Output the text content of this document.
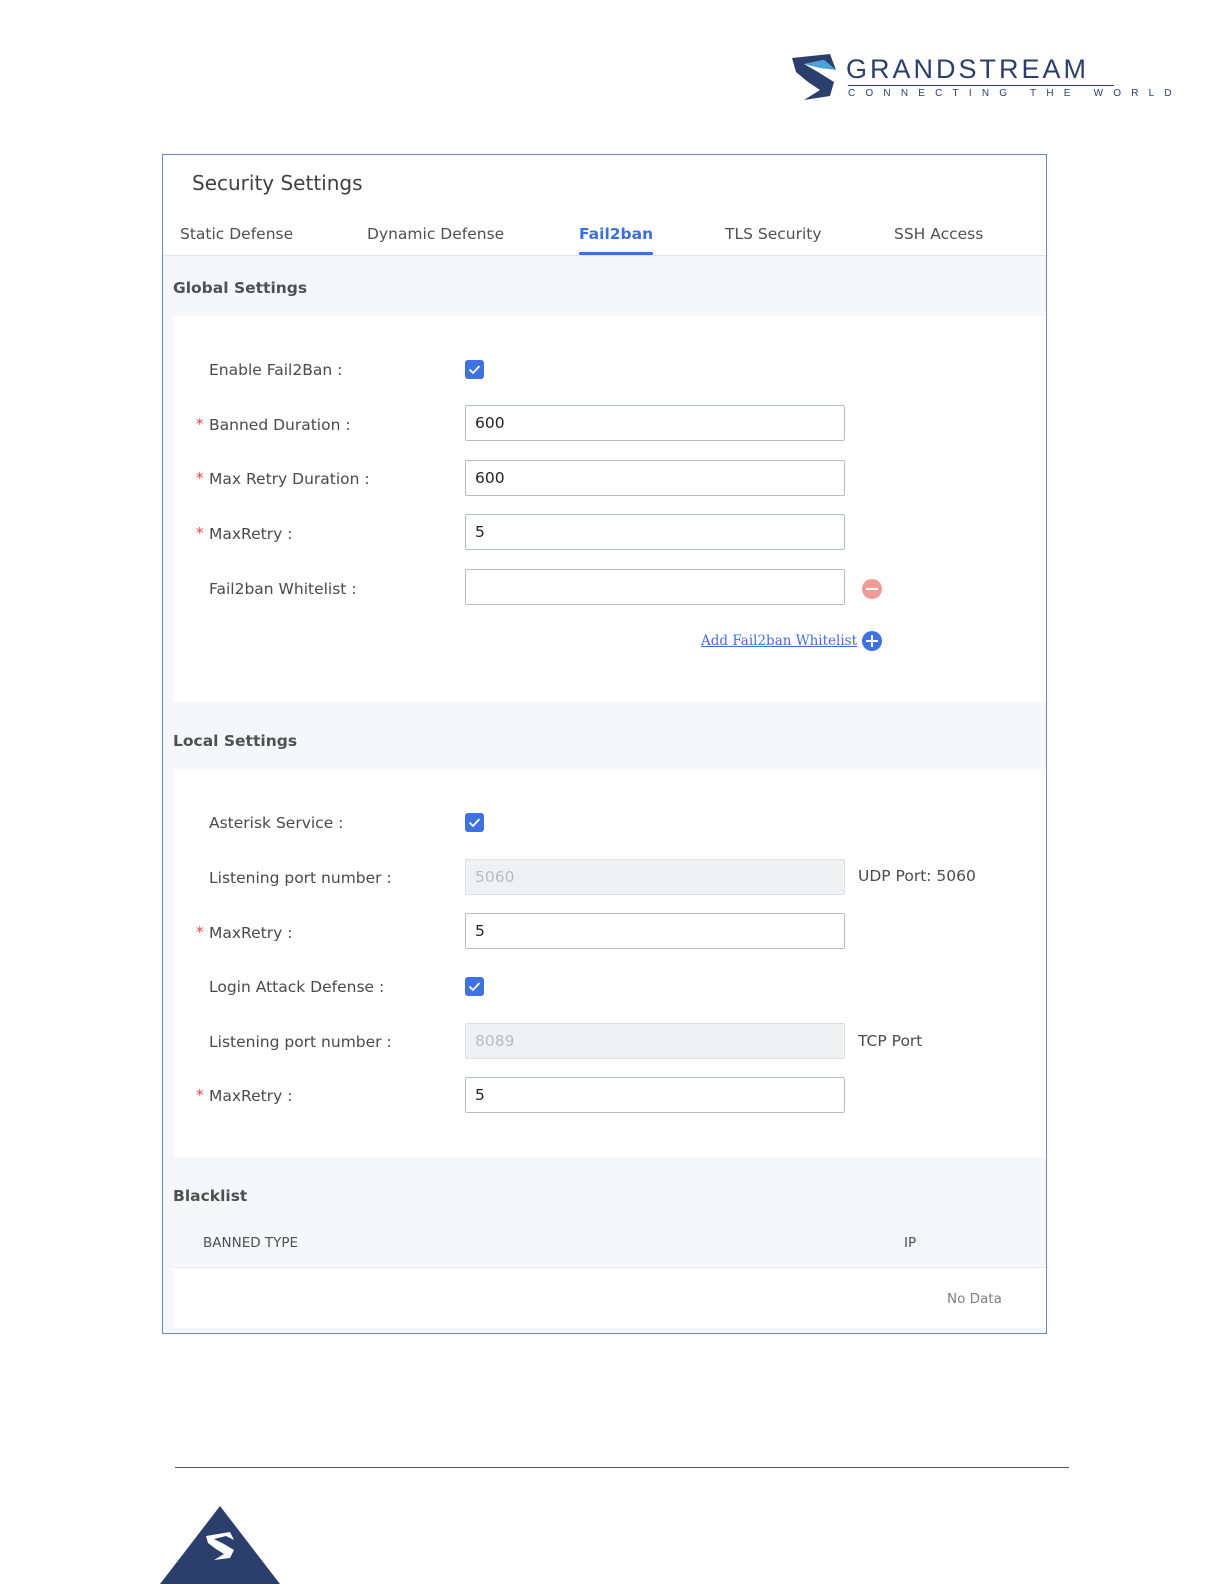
GRANDSTREAM
CONNECTING THE WORLD
Security Settings
Static Defense	Dynamic Defense	Fail2ban	TLS Security	SSH Access
Global Settings
Enable Fail2Ban :
* Banned Duration :
600
* Max Retry Duration :
600
* MaxRetry :
5
Fail2ban Whitelist :
Add Fail2ban Whitelist
Local Settings
Asterisk Service :
Listening port number :
5060	UDP Port: 5060
* MaxRetry :
5
Login Attack Defense :
Listening port number :
8089	TCP Port
* MaxRetry :
5
Blacklist
BANNED TYPE	IP
No Data
